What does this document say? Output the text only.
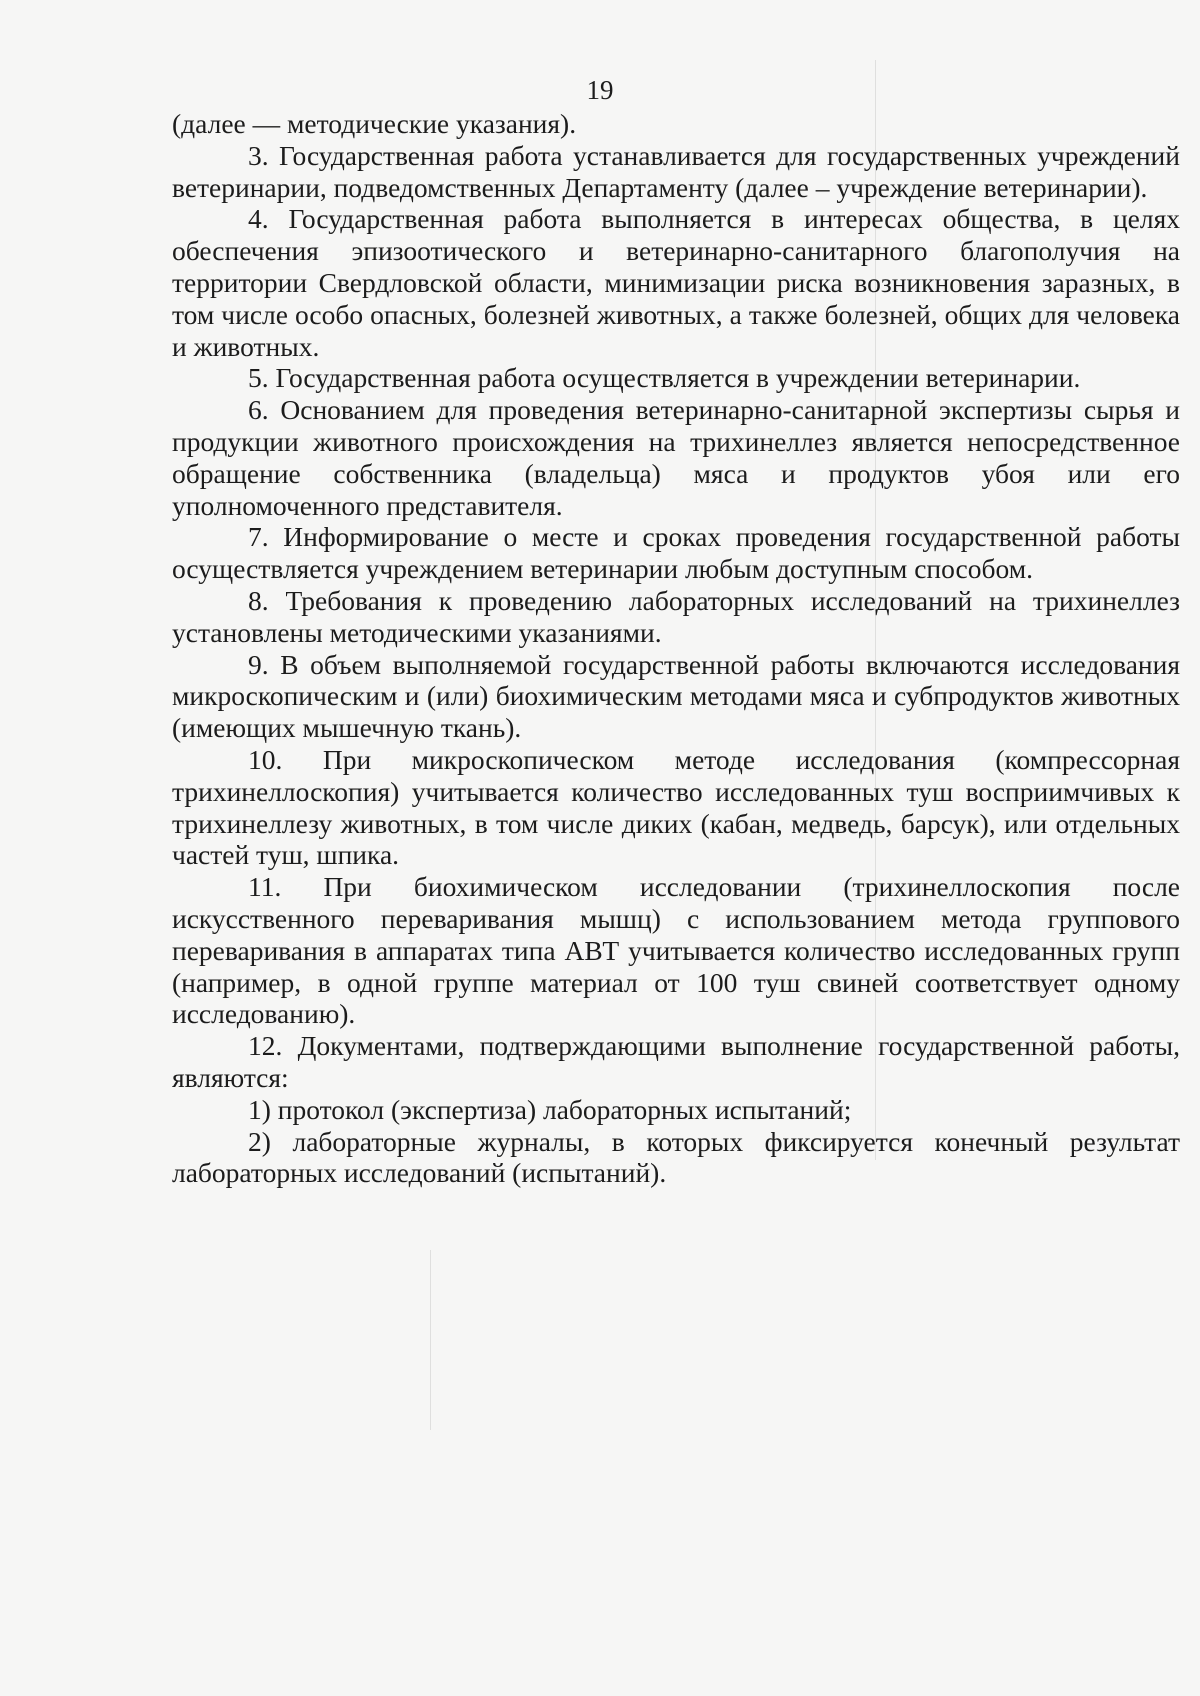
19

(далее — методические указания).

3. Государственная работа устанавливается для государственных учреждений ветеринарии, подведомственных Департаменту (далее – учреждение ветеринарии).

4. Государственная работа выполняется в интересах общества, в целях обеспечения эпизоотического и ветеринарно-санитарного благополучия на территории Свердловской области, минимизации риска возникновения заразных, в том числе особо опасных, болезней животных, а также болезней, общих для человека и животных.

5. Государственная работа осуществляется в учреждении ветеринарии.

6. Основанием для проведения ветеринарно-санитарной экспертизы сырья и продукции животного происхождения на трихинеллез является непосредственное обращение собственника (владельца) мяса и продуктов убоя или его уполномоченного представителя.

7. Информирование о месте и сроках проведения государственной работы осуществляется учреждением ветеринарии любым доступным способом.

8. Требования к проведению лабораторных исследований на трихинеллез установлены методическими указаниями.

9. В объем выполняемой государственной работы включаются исследования микроскопическим и (или) биохимическим методами мяса и субпродуктов животных (имеющих мышечную ткань).

10. При микроскопическом методе исследования (компрессорная трихинеллоскопия) учитывается количество исследованных туш восприимчивых к трихинеллезу животных, в том числе диких (кабан, медведь, барсук), или отдельных частей туш, шпика.

11. При биохимическом исследовании (трихинеллоскопия после искусственного переваривания мышц) с использованием метода группового переваривания в аппаратах типа АВТ учитывается количество исследованных групп (например, в одной группе материал от 100 туш свиней соответствует одному исследованию).

12. Документами, подтверждающими выполнение государственной работы, являются:

1) протокол (экспертиза) лабораторных испытаний;

2) лабораторные журналы, в которых фиксируется конечный результат лабораторных исследований (испытаний).
